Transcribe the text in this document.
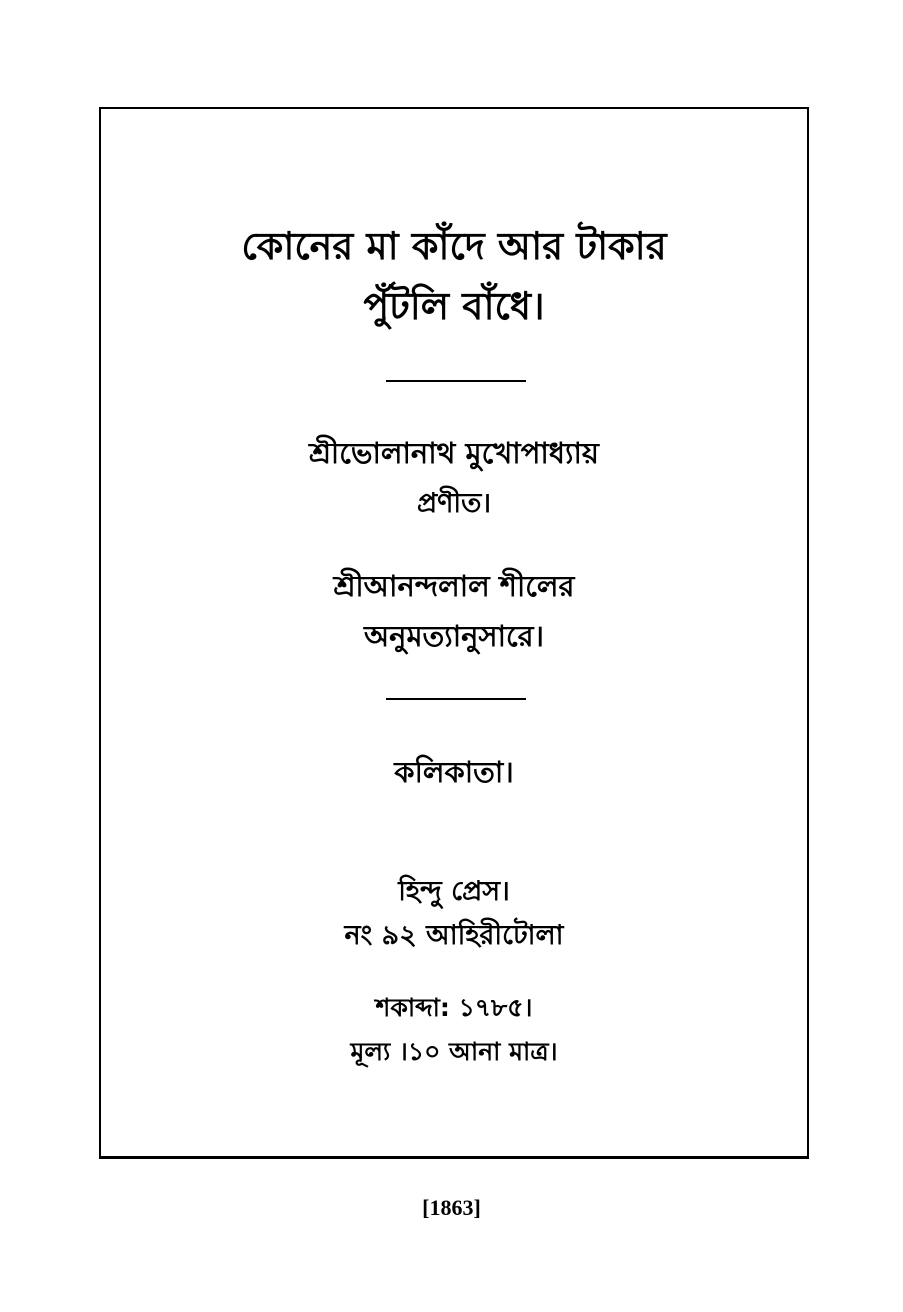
কোনের মা কাঁদে আর টাকার
পুঁটলি বাঁধে।
শ্রীভোলানাথ মুখোপাধ্যায়
প্রণীত।
শ্রীআনন্দলাল শীলের
অনুমত্যানুসারে।
কলিকাতা।
হিন্দু প্রেস।
নং ৯২ আহিরীটোলা
শকাব্দা: ১৭৮৫।
মূল্য ।১০ আনা মাত্র।
[1863]
